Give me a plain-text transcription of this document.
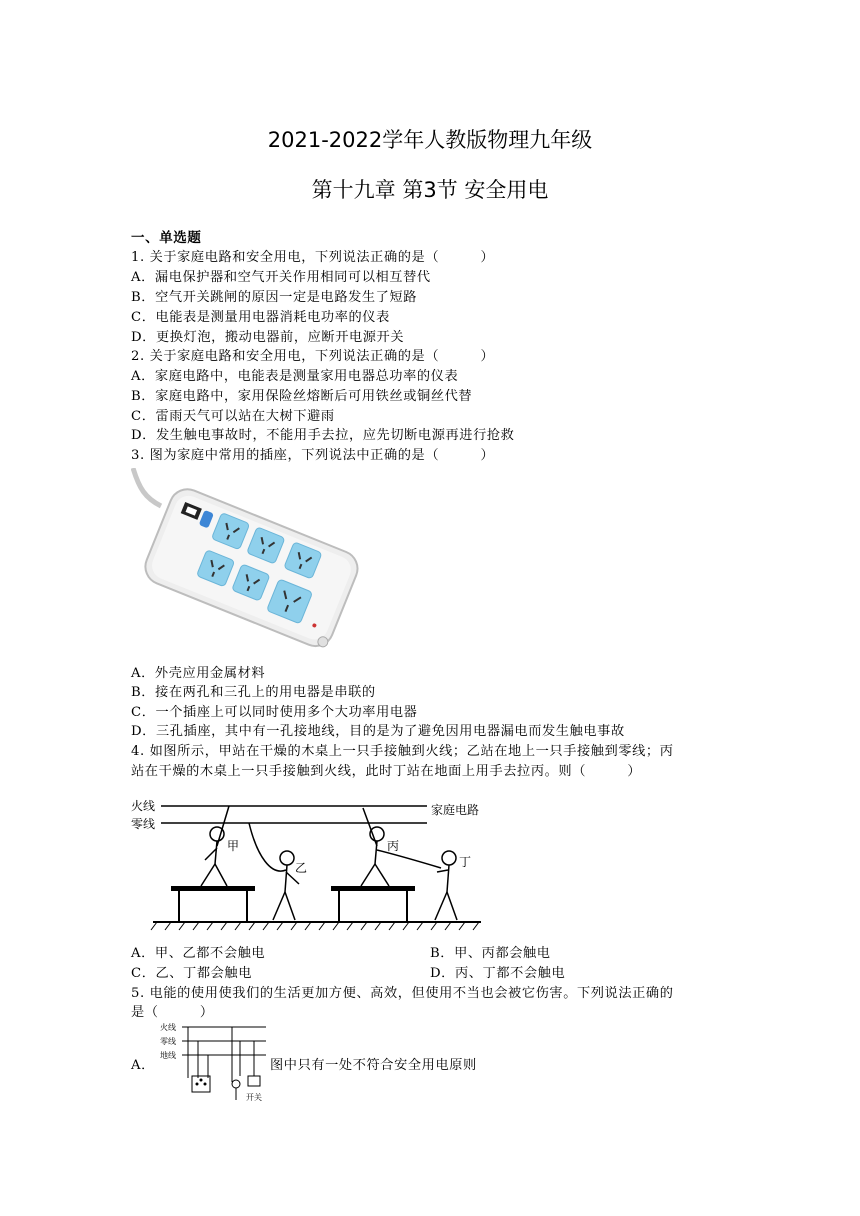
2021-2022学年人教版物理九年级
第十九章 第3节 安全用电
一、单选题
1. 关于家庭电路和安全用电，下列说法正确的是（　　　）
A．漏电保护器和空气开关作用相同可以相互替代
B．空气开关跳闸的原因一定是电路发生了短路
C．电能表是测量用电器消耗电功率的仪表
D．更换灯泡，搬动电器前，应断开电源开关
2. 关于家庭电路和安全用电，下列说法正确的是（　　　）
A．家庭电路中，电能表是测量家用电器总功率的仪表
B．家庭电路中，家用保险丝熔断后可用铁丝或铜丝代替
C．雷雨天气可以站在大树下避雨
D．发生触电事故时，不能用手去拉，应先切断电源再进行抢救
3. 图为家庭中常用的插座，下列说法中正确的是（　　　）
A．外壳应用金属材料
B．接在两孔和三孔上的用电器是串联的
C．一个插座上可以同时使用多个大功率用电器
D．三孔插座，其中有一孔接地线，目的是为了避免因用电器漏电而发生触电事故
4. 如图所示，甲站在干燥的木桌上一只手接触到火线；乙站在地上一只手接触到零线；丙
站在干燥的木桌上一只手接触到火线，此时丁站在地面上用手去拉丙。则（　　　）
火线
零线
家庭电路
甲
乙
丙
丁
A．甲、乙都不会触电	B．甲、丙都会触电
C．乙、丁都会触电	D．丙、丁都不会触电
5. 电能的使用使我们的生活更加方便、高效，但使用不当也会被它伤害。下列说法正确的
是（　　　）
A．
火线
零线
地线
开关
图中只有一处不符合安全用电原则
